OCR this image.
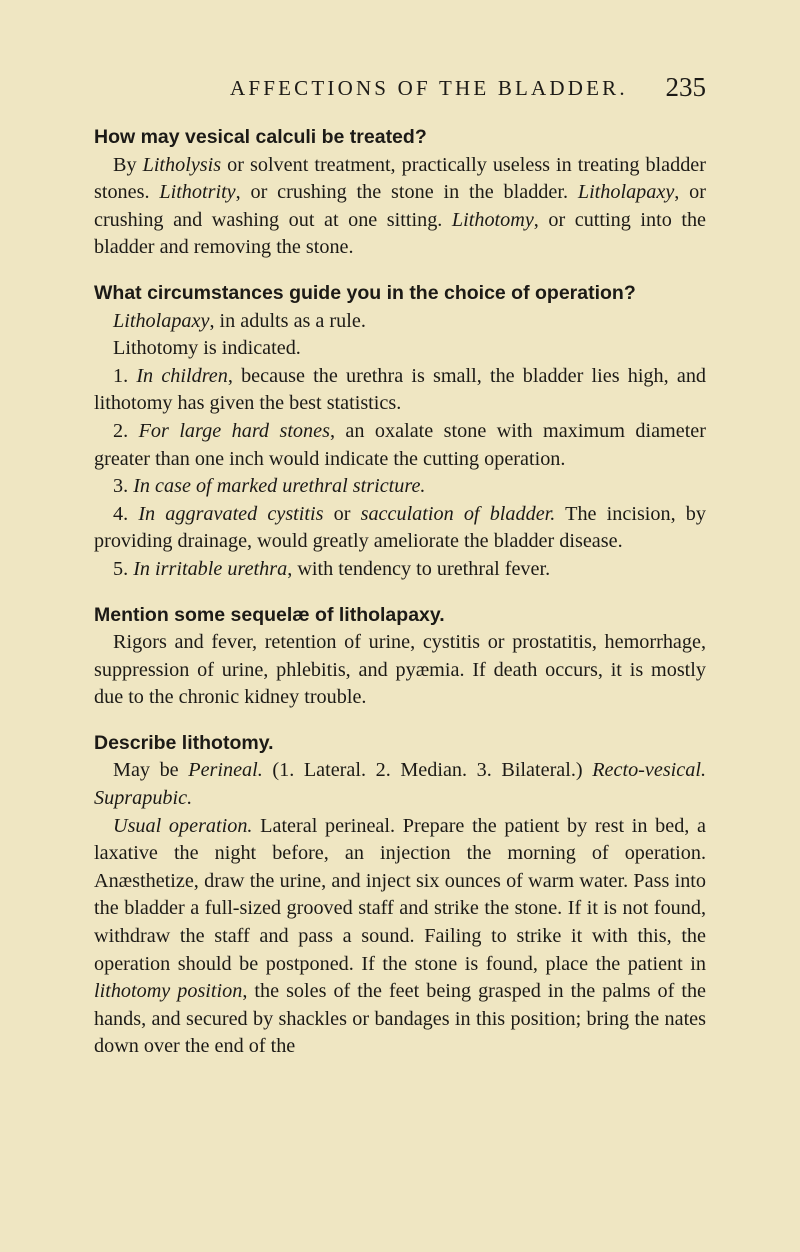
AFFECTIONS OF THE BLADDER. 235
How may vesical calculi be treated?

By Litholysis or solvent treatment, practically useless in treating bladder stones. Lithotrity, or crushing the stone in the bladder. Litholapaxy, or crushing and washing out at one sitting. Lithotomy, or cutting into the bladder and removing the stone.

What circumstances guide you in the choice of operation?

Litholapaxy, in adults as a rule.

Lithotomy is indicated.

1. In children, because the urethra is small, the bladder lies high, and lithotomy has given the best statistics.

2. For large hard stones, an oxalate stone with maximum diameter greater than one inch would indicate the cutting operation.

3. In case of marked urethral stricture.

4. In aggravated cystitis or sacculation of bladder. The incision, by providing drainage, would greatly ameliorate the bladder disease.

5. In irritable urethra, with tendency to urethral fever.

Mention some sequelæ of litholapaxy.

Rigors and fever, retention of urine, cystitis or prostatitis, hemorrhage, suppression of urine, phlebitis, and pyæmia. If death occurs, it is mostly due to the chronic kidney trouble.

Describe lithotomy.

May be Perineal. (1. Lateral. 2. Median. 3. Bilateral.) Recto-vesical. Suprapubic.

Usual operation. Lateral perineal. Prepare the patient by rest in bed, a laxative the night before, an injection the morning of operation. Anæsthetize, draw the urine, and inject six ounces of warm water. Pass into the bladder a full-sized grooved staff and strike the stone. If it is not found, withdraw the staff and pass a sound. Failing to strike it with this, the operation should be postponed. If the stone is found, place the patient in lithotomy position, the soles of the feet being grasped in the palms of the hands, and secured by shackles or bandages in this position; bring the nates down over the end of the
